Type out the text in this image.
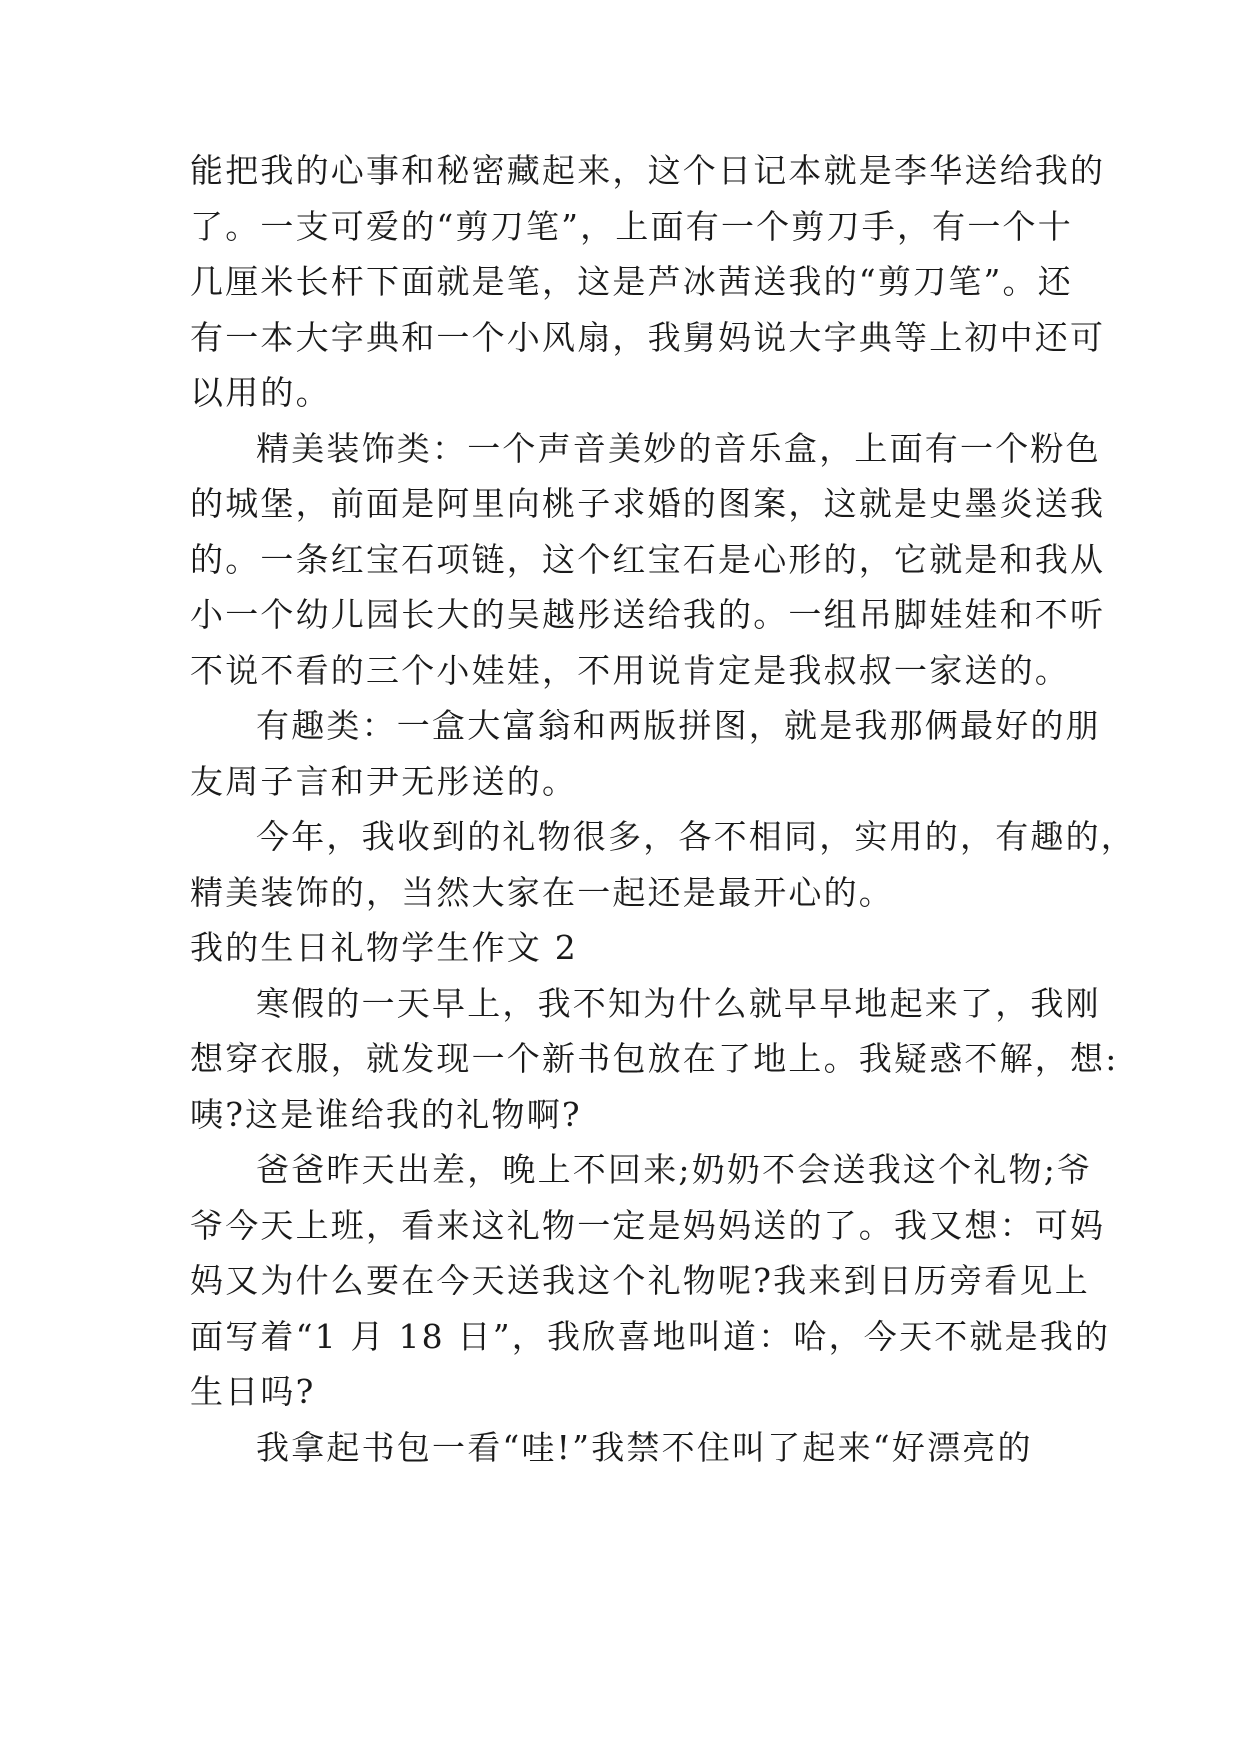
能把我的心事和秘密藏起来，这个日记本就是李华送给我的
了。一支可爱的“剪刀笔”，上面有一个剪刀手，有一个十
几厘米长杆下面就是笔，这是芦冰茜送我的“剪刀笔”。还
有一本大字典和一个小风扇，我舅妈说大字典等上初中还可
以用的。
精美装饰类：一个声音美妙的音乐盒，上面有一个粉色
的城堡，前面是阿里向桃子求婚的图案，这就是史墨炎送我
的。一条红宝石项链，这个红宝石是心形的，它就是和我从
小一个幼儿园长大的吴越彤送给我的。一组吊脚娃娃和不听
不说不看的三个小娃娃，不用说肯定是我叔叔一家送的。
有趣类：一盒大富翁和两版拼图，就是我那俩最好的朋
友周子言和尹无彤送的。
今年，我收到的礼物很多，各不相同，实用的，有趣的，
精美装饰的，当然大家在一起还是最开心的。
我的生日礼物学生作文 2
寒假的一天早上，我不知为什么就早早地起来了，我刚
想穿衣服，就发现一个新书包放在了地上。我疑惑不解，想:
咦?这是谁给我的礼物啊?
爸爸昨天出差，晚上不回来;奶奶不会送我这个礼物;爷
爷今天上班，看来这礼物一定是妈妈送的了。我又想：可妈
妈又为什么要在今天送我这个礼物呢?我来到日历旁看见上
面写着“1 月 18 日”，我欣喜地叫道：哈，今天不就是我的
生日吗?
我拿起书包一看“哇!”我禁不住叫了起来“好漂亮的
